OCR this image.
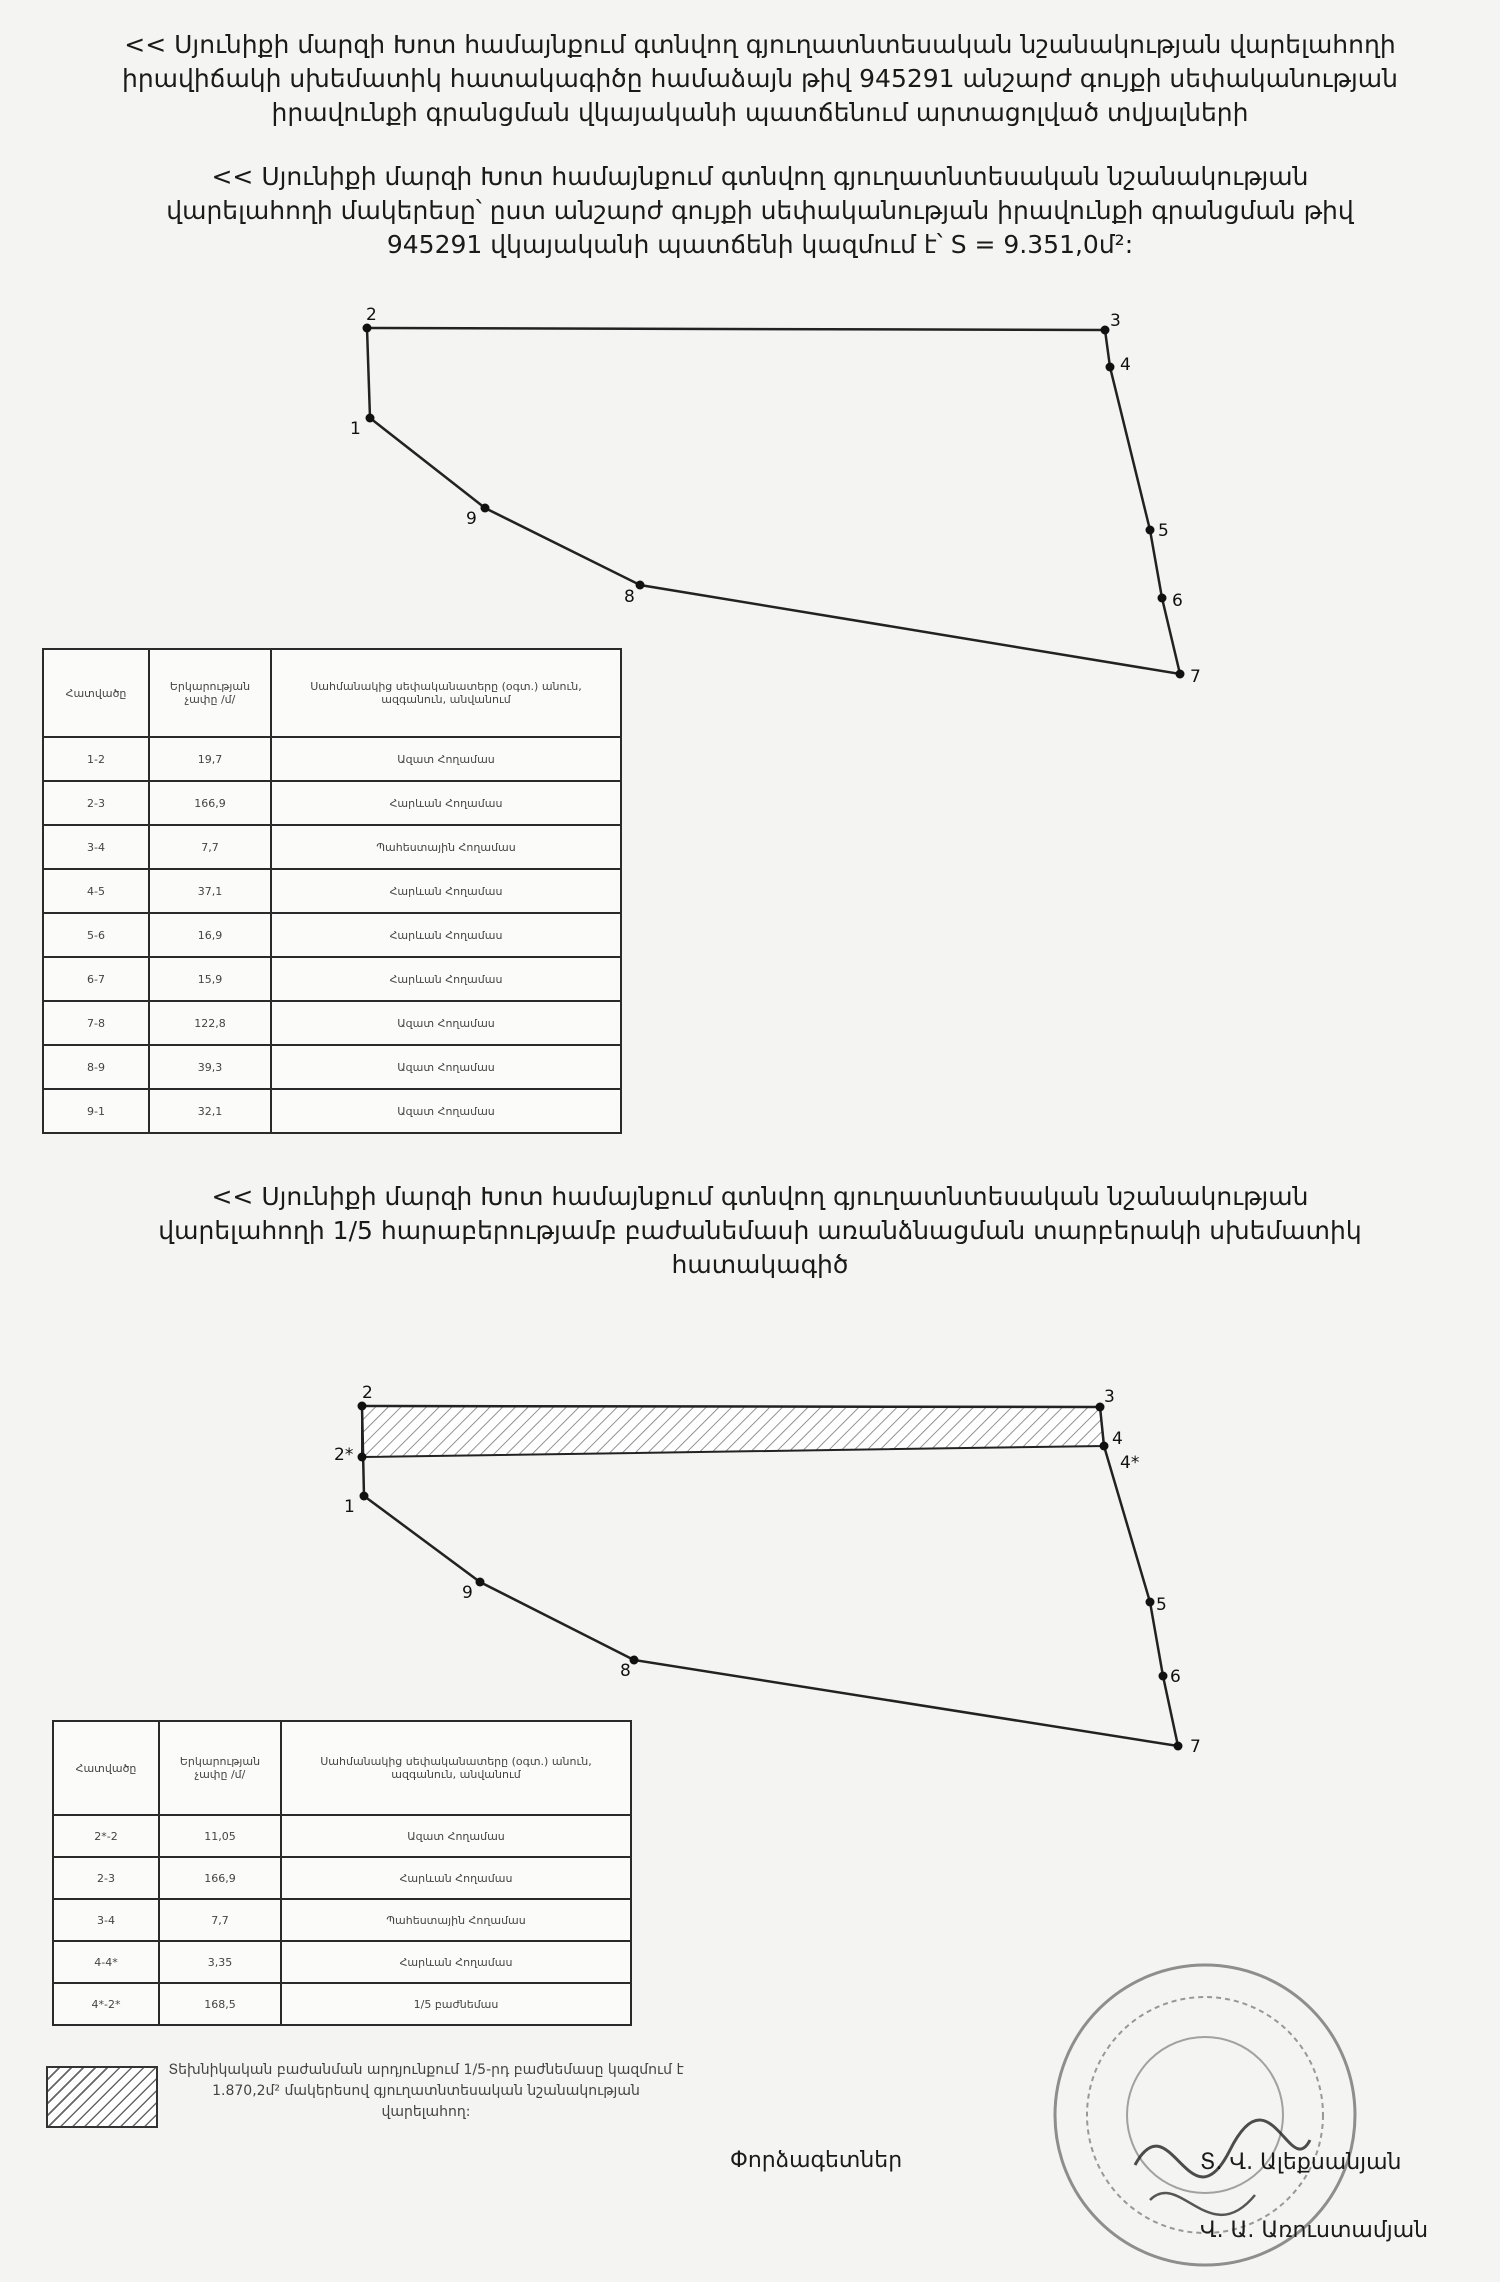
<< Սյունիքի մարզի Խոտ համայնքում գտնվող գյուղատնտեսական նշանակության վարելահողի
իրավիճակի սխեմատիկ հատակագիծը համաձայն թիվ 945291 անշարժ գույքի սեփականության
իրավունքի գրանցման վկայականի պատճենում արտացոլված տվյալների
<< Սյունիքի մարզի Խոտ համայնքում գտնվող գյուղատնտեսական նշանակության
վարելահողի մակերեսը՝ ըստ անշարժ գույքի սեփականության իրավունքի գրանցման թիվ
945291 վկայականի պատճենի կազմում է՝ S = 9.351,0մ²:
1
2	3
4
5
6
7
8
9
1
2*
2	3
4
4*
5
6
7
8
9
Հատվածը	Երկարության չափը /մ/	Սահմանակից սեփականատերը (օգտ.) անուն, ազգանուն, անվանում
1-2	19,7	Ազատ Հողամաս
2-3	166,9	Հարևան Հողամաս
3-4	7,7	Պահեստային Հողամաս
4-5	37,1	Հարևան Հողամաս
5-6	16,9	Հարևան Հողամաս
6-7	15,9	Հարևան Հողամաս
7-8	122,8	Ազատ Հողամաս
8-9	39,3	Ազատ Հողամաս
9-1	32,1	Ազատ Հողամաս
<< Սյունիքի մարզի Խոտ համայնքում գտնվող գյուղատնտեսական նշանակության
վարելահողի 1/5 հարաբերությամբ բաժանեմասի առանձնացման տարբերակի սխեմատիկ
հատակագիծ
Հատվածը	Երկարության չափը /մ/	Սահմանակից սեփականատերը (օգտ.) անուն, ազգանուն, անվանում
2*-2	11,05	Ազատ Հողամաս
2-3	166,9	Հարևան Հողամաս
3-4	7,7	Պահեստային Հողամաս
4-4*	3,35	Հարևան Հողամաս
4*-2*	168,5	1/5 բաժնեմաս
Տեխնիկական բաժանման արդյունքում 1/5-րդ բաժնեմասը կազմում է 1.870,2մ² մակերեսով գյուղատնտեսական նշանակության վարելահող:
Փորձագետներ	Տ. Վ. Ալեքսանյան
Վ. Ա. Առուստամյան
